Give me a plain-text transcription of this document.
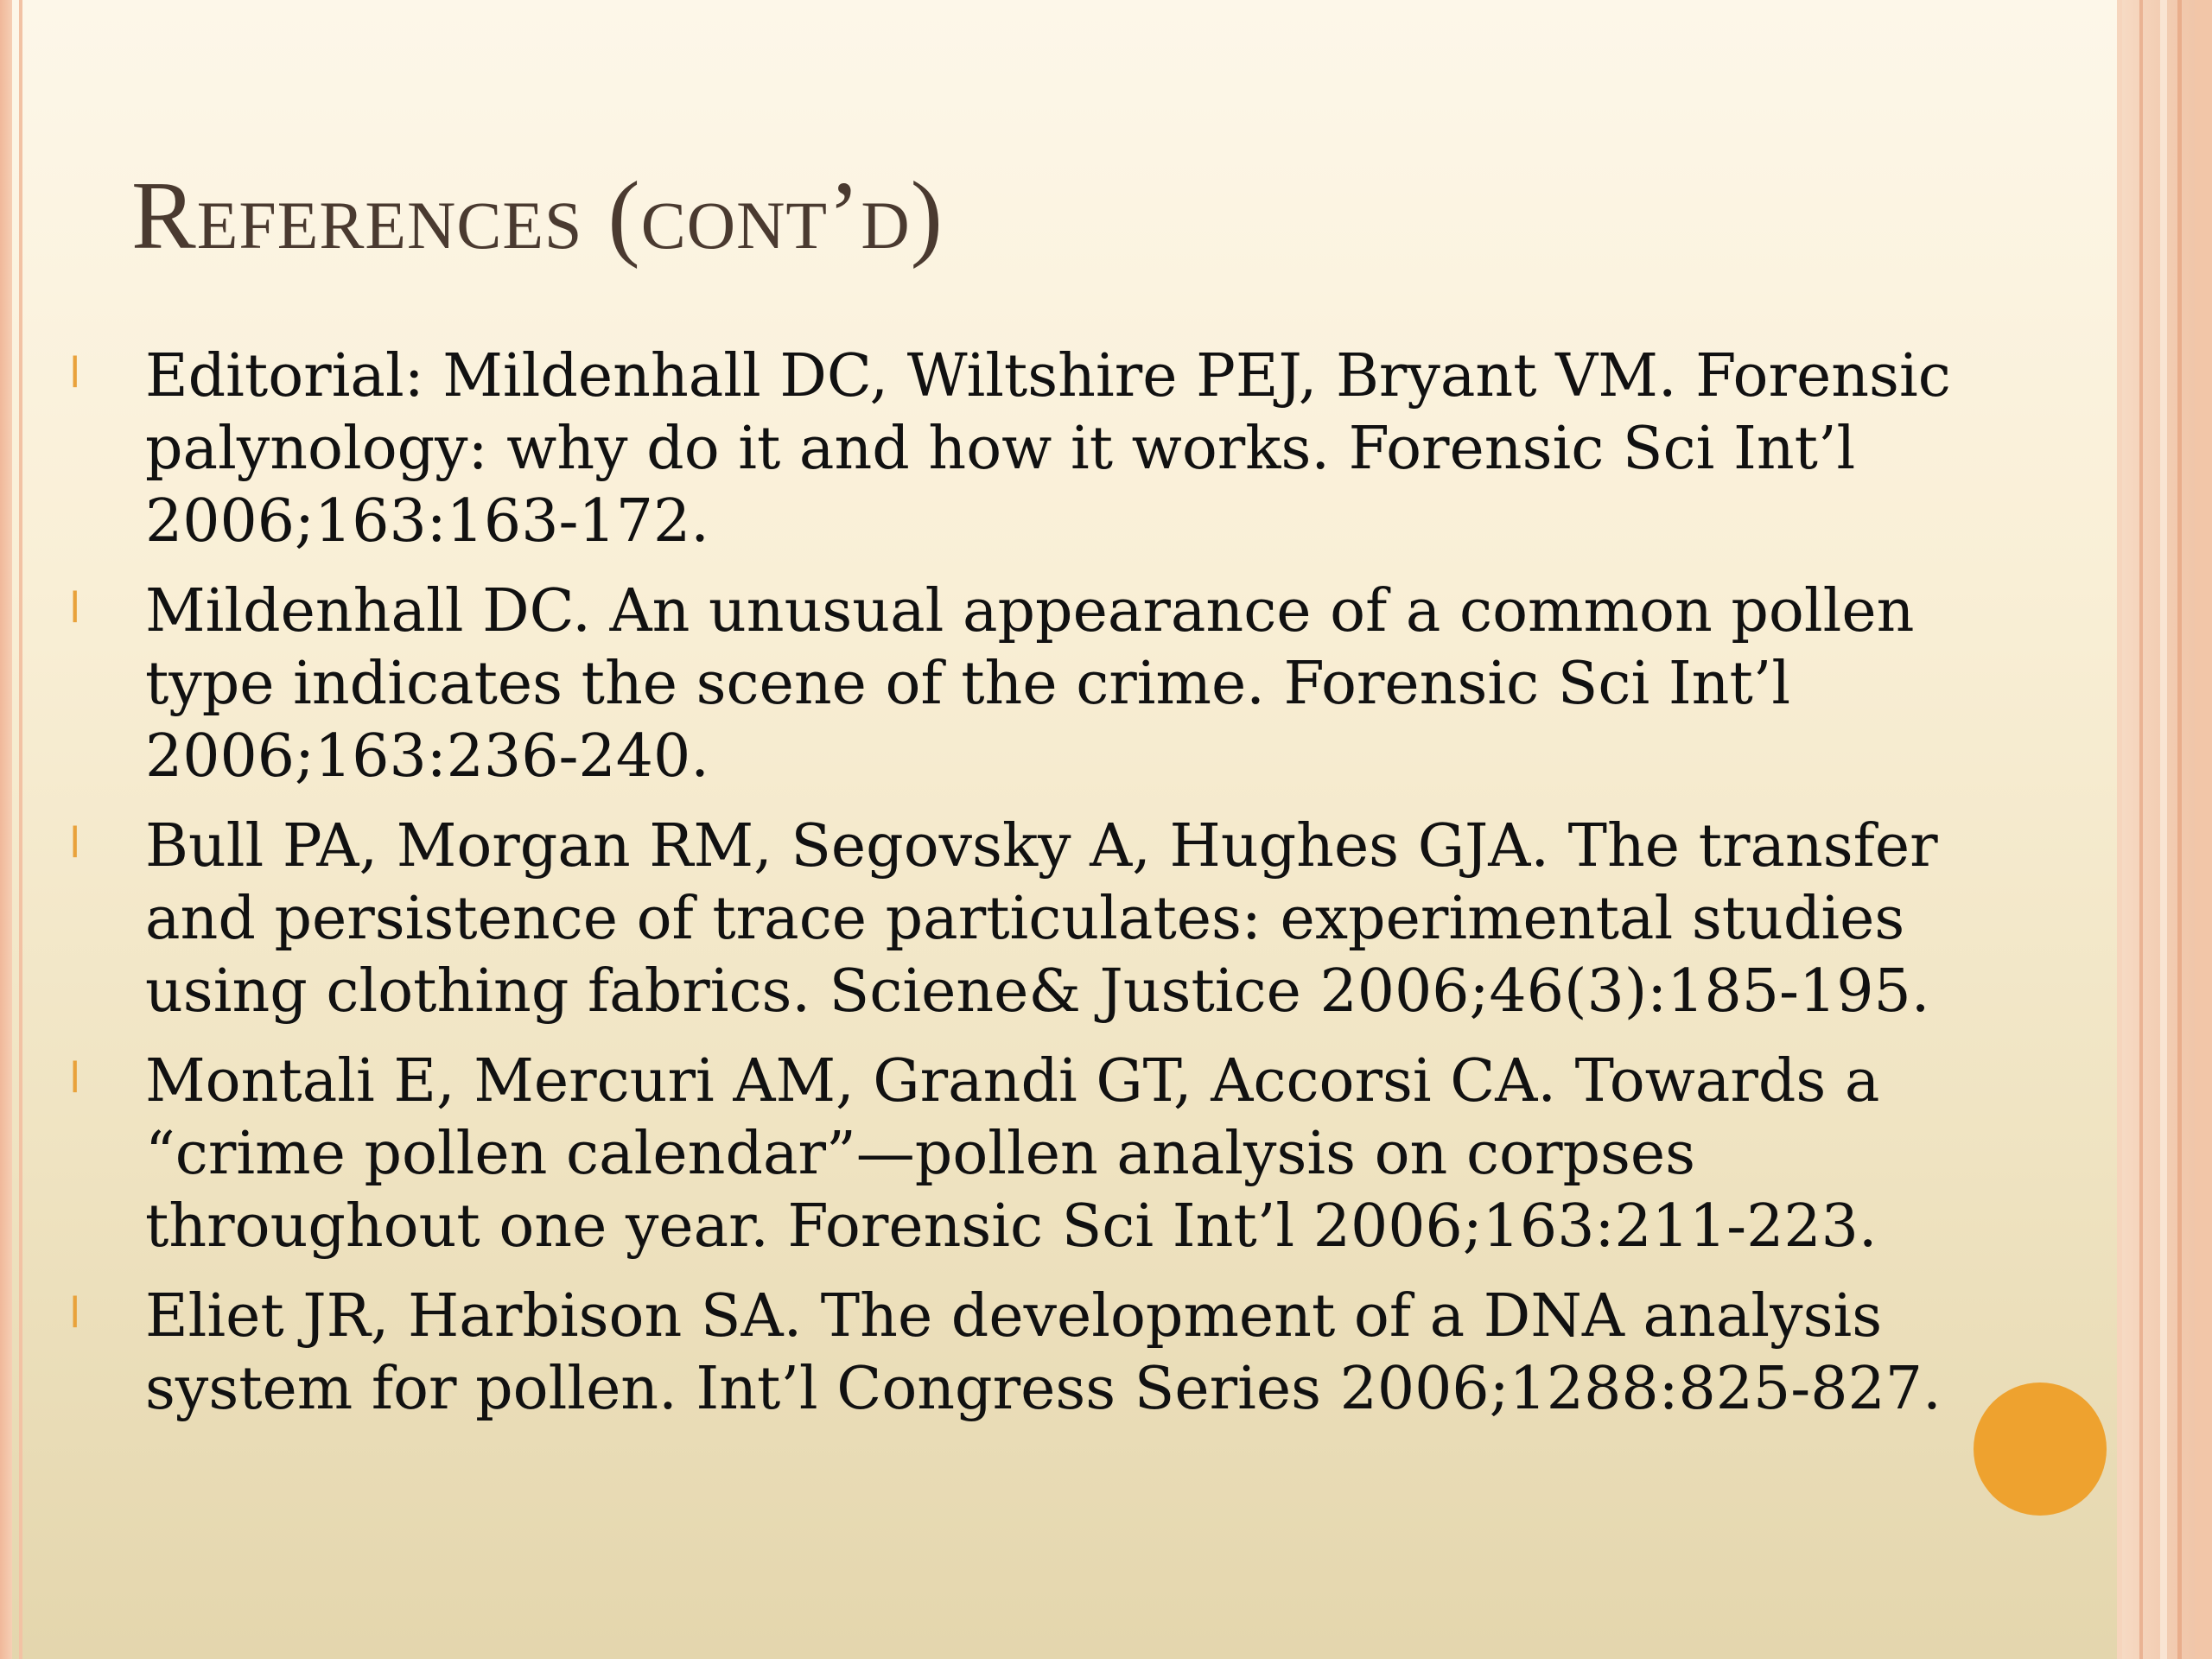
References (cont’d)
l Editorial: Mildenhall DC, Wiltshire PEJ, Bryant VM. Forensic palynology: why do it and how it works. Forensic Sci Int’l 2006;163:163-172.
l Mildenhall DC. An unusual appearance of a common pollen type indicates the scene of the crime. Forensic Sci Int’l 2006;163:236-240.
l Bull PA, Morgan RM, Segovsky A, Hughes GJA. The transfer and persistence of trace particulates: experimental studies using clothing fabrics. Sciene& Justice 2006;46(3):185-195.
l Montali E, Mercuri AM, Grandi GT, Accorsi CA. Towards a “crime pollen calendar”—pollen analysis on corpses throughout one year. Forensic Sci Int’l 2006;163:211-223.
l Eliet JR, Harbison SA. The development of a DNA analysis system for pollen. Int’l Congress Series 2006;1288:825-827.
